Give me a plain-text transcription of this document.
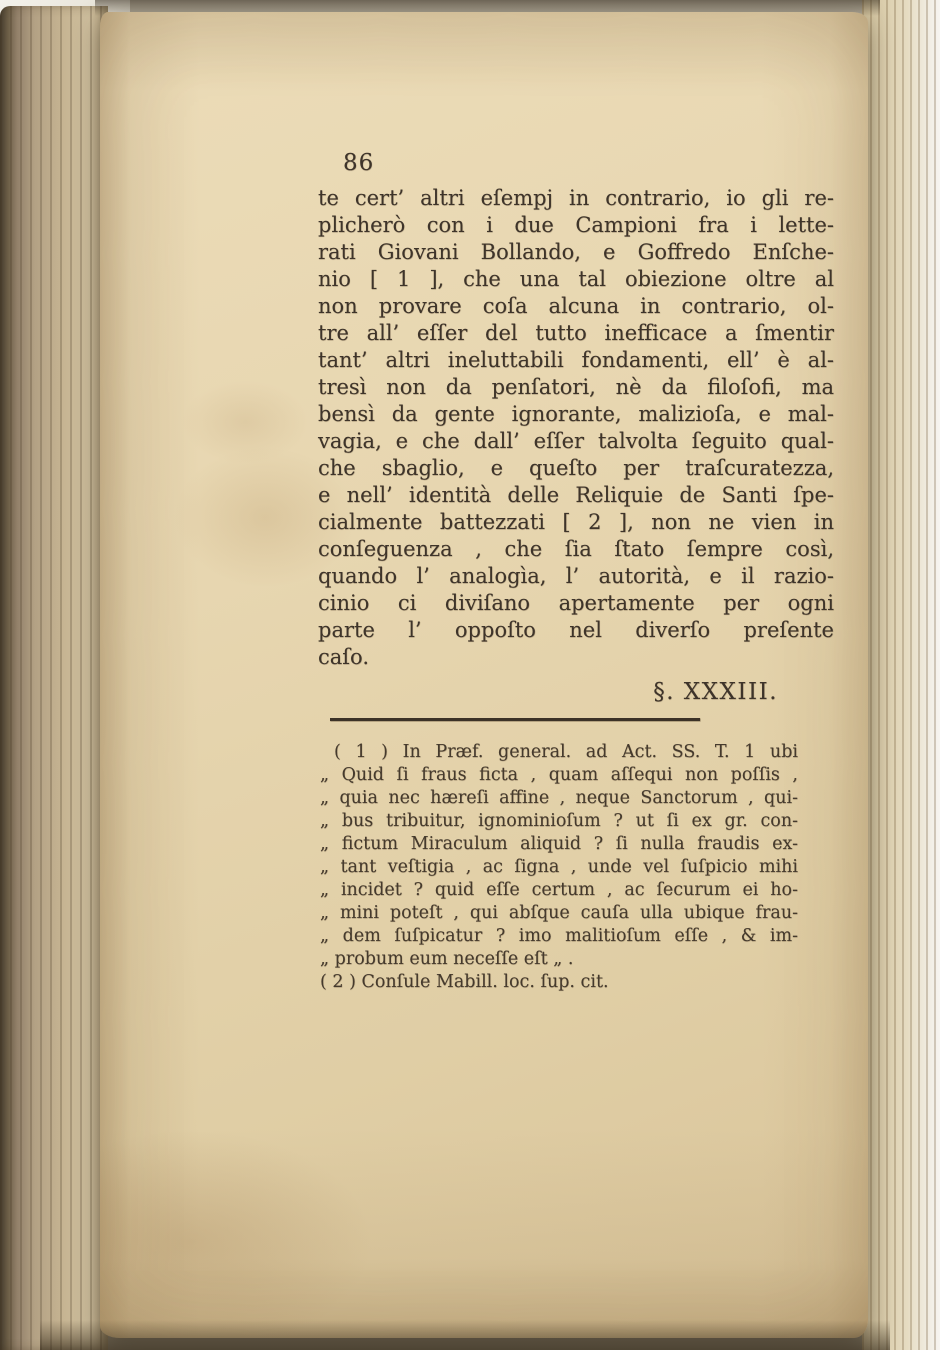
86
te cert’ altri eſempj in contrario, io gli re-
plicherò con i due Campioni fra i lette-
rati Giovani Bollando, e Goffredo Enſche-
nio [ 1 ], che una tal obiezione oltre al
non provare coſa alcuna in contrario, ol-
tre all’ eſſer del tutto inefficace a ſmentir
tant’ altri ineluttabili fondamenti, ell’ è al-
tresì non da penſatori, nè da filoſofi, ma
bensì da gente ignorante, malizioſa, e mal-
vagia, e che dall’ eſſer talvolta ſeguito qual-
che sbaglio, e queſto per traſcuratezza,
e nell’ identità delle Reliquie de Santi ſpe-
cialmente battezzati [ 2 ], non ne vien in
conſeguenza , che ſia ſtato ſempre così,
quando l’ analogìa, l’ autorità, e il razio-
cinio ci diviſano apertamente per ogni
parte l’ oppoſto nel diverſo preſente
caſo.
§. XXXIII.
( 1 ) In Præf. general. ad Act. SS. T. 1 ubi
„ Quid ſi fraus ficta , quam aſſequi non poſſis ,
„ quia nec hæreſi affine , neque Sanctorum , qui-
„ bus tribuitur, ignominioſum ? ut ſi ex gr. con-
„ fictum Miraculum aliquid ? ſi nulla fraudis ex-
„ tant veſtigia , ac ſigna , unde vel ſuſpicio mihi
„ incidet ? quid eſſe certum , ac ſecurum ei ho-
„ mini poteſt , qui abſque cauſa ulla ubique frau-
„ dem ſuſpicatur ? imo malitioſum eſſe , & im-
„ probum eum neceſſe eſt „ .
( 2 ) Conſule Mabill. loc. ſup. cit.
